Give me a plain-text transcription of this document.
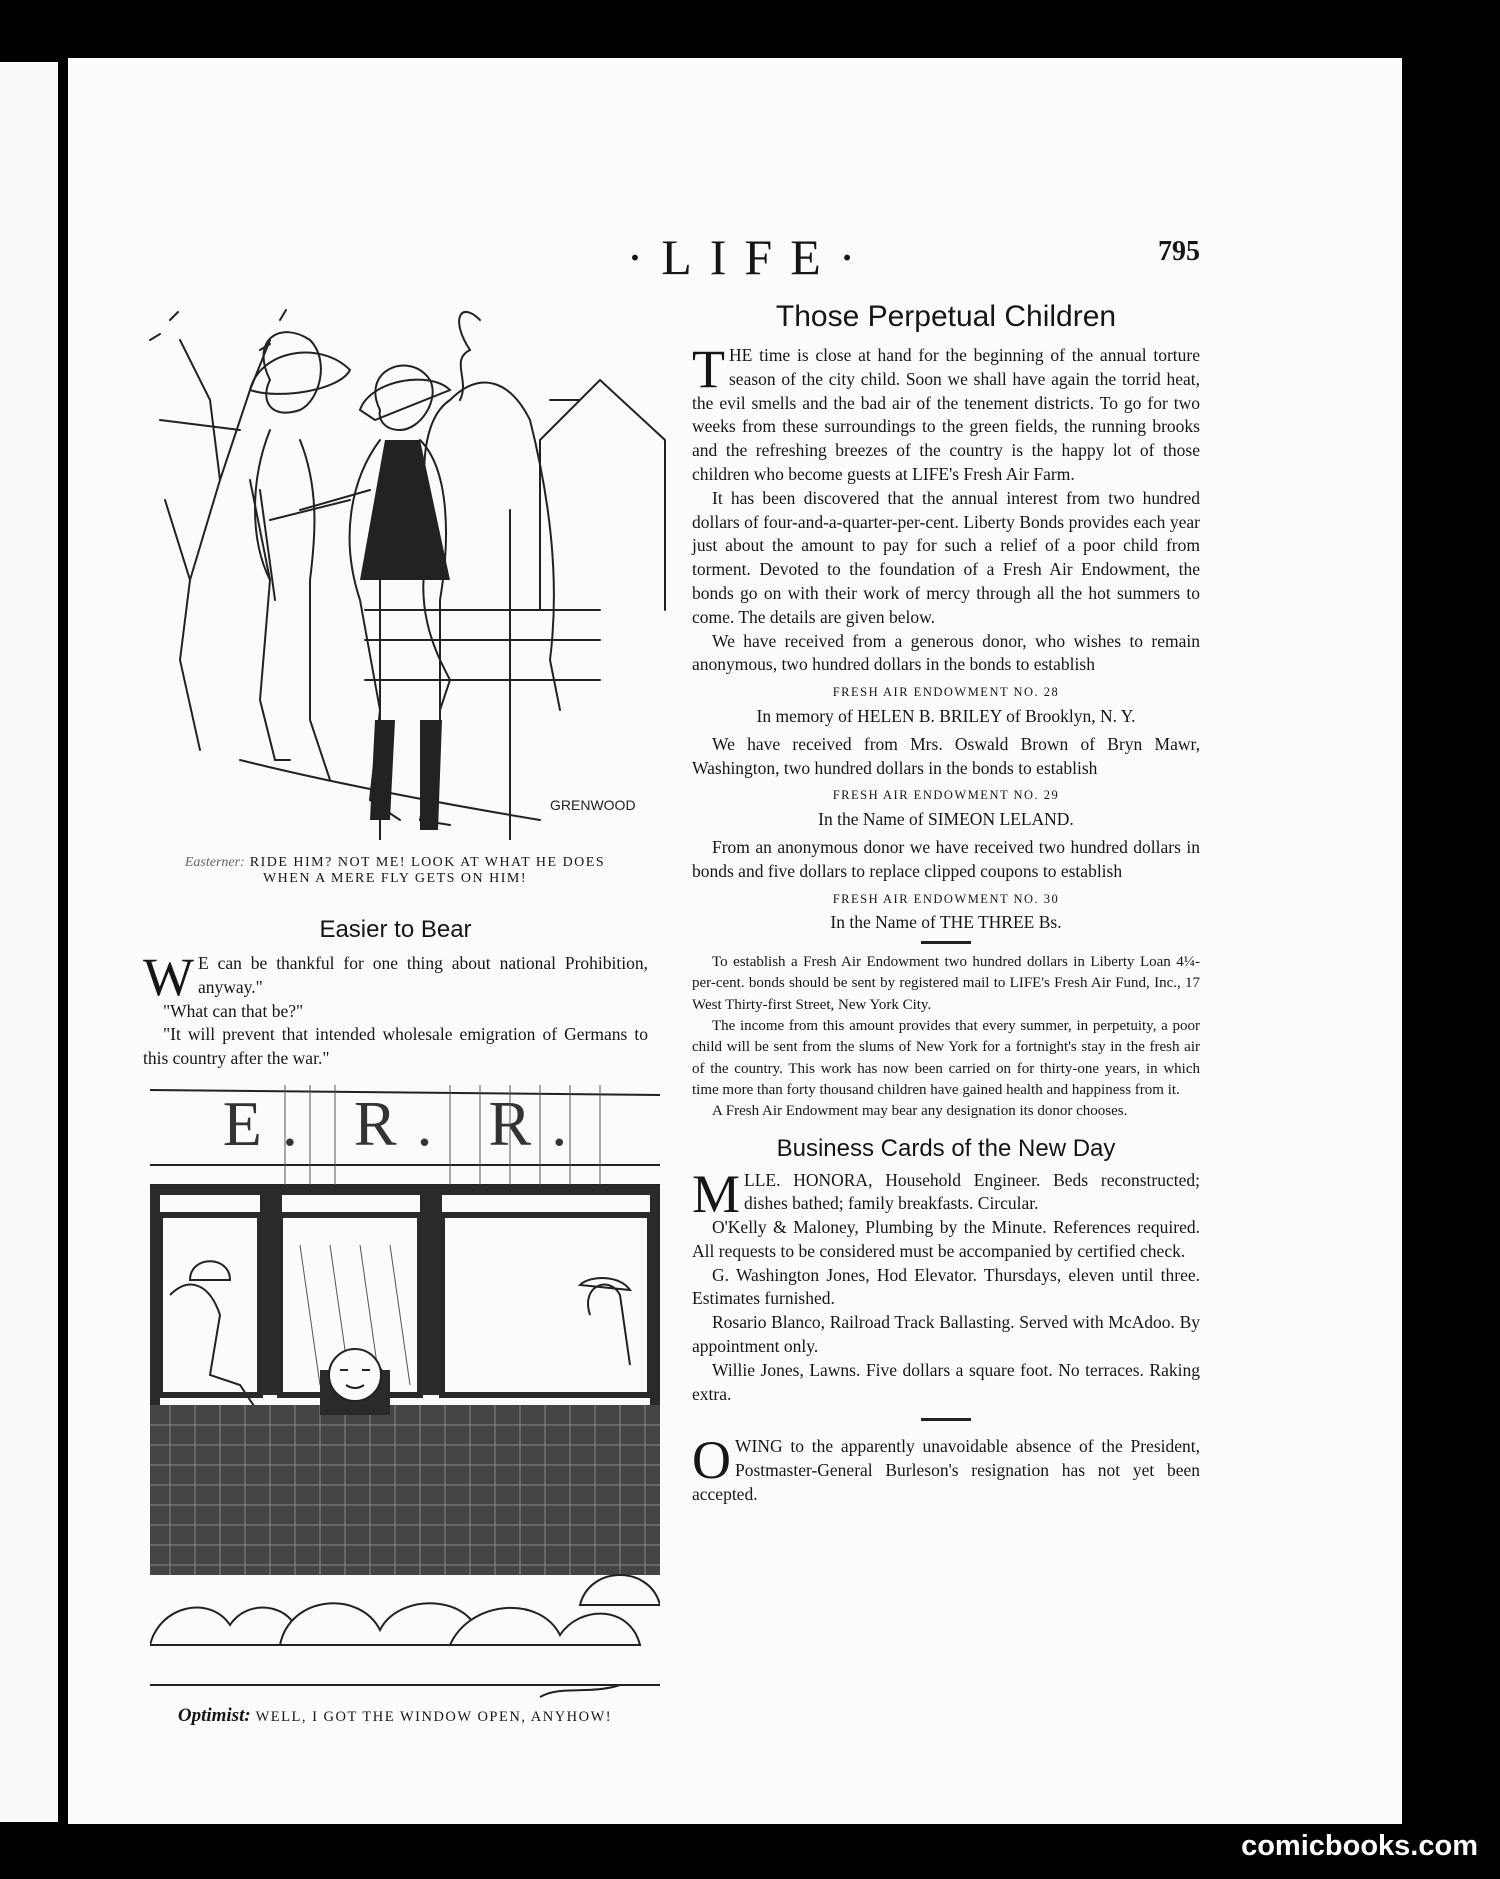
·LIFE·	795
GRENWOOD
Easterner: RIDE HIM? NOT ME! LOOK AT WHAT HE DOES
WHEN A MERE FLY GETS ON HIM!
Easier to Bear

W E can be thankful for one thing about national Prohibition, anyway."

"What can that be?"

"It will prevent that intended wholesale emigration of Germans to this country after the war."

E. R. R.
Optimist: WELL, I GOT THE WINDOW OPEN, ANYHOW!
Those Perpetual Children

THE time is close at hand for the beginning of the annual torture season of the city child. Soon we shall have again the torrid heat, the evil smells and the bad air of the tenement districts. To go for two weeks from these surroundings to the green fields, the running brooks and the refreshing breezes of the country is the happy lot of those children who become guests at LIFE's Fresh Air Farm.

It has been discovered that the annual interest from two hundred dollars of four-and-a-quarter-per-cent. Liberty Bonds provides each year just about the amount to pay for such a relief of a poor child from torment. Devoted to the foundation of a Fresh Air Endowment, the bonds go on with their work of mercy through all the hot summers to come. The details are given below.

We have received from a generous donor, who wishes to remain anonymous, two hundred dollars in the bonds to establish

FRESH AIR ENDOWMENT NO. 28
In memory of HELEN B. BRILEY of Brooklyn, N. Y.

We have received from Mrs. Oswald Brown of Bryn Mawr, Washington, two hundred dollars in the bonds to establish

FRESH AIR ENDOWMENT NO. 29
In the Name of SIMEON LELAND.

From an anonymous donor we have received two hundred dollars in bonds and five dollars to replace clipped coupons to establish

FRESH AIR ENDOWMENT NO. 30
In the Name of THE THREE Bs.

To establish a Fresh Air Endowment two hundred dollars in Liberty Loan 4¼-per-cent. bonds should be sent by registered mail to LIFE's Fresh Air Fund, Inc., 17 West Thirty-first Street, New York City.

The income from this amount provides that every summer, in perpetuity, a poor child will be sent from the slums of New York for a fortnight's stay in the fresh air of the country. This work has now been carried on for thirty-one years, in which time more than forty thousand children have gained health and happiness from it.

A Fresh Air Endowment may bear any designation its donor chooses.

Business Cards of the New Day

MLLE. HONORA, Household Engineer. Beds reconstructed; dishes bathed; family breakfasts. Circular.

O'Kelly & Maloney, Plumbing by the Minute. References required. All requests to be considered must be accompanied by certified check.

G. Washington Jones, Hod Elevator. Thursdays, eleven until three. Estimates furnished.

Rosario Blanco, Railroad Track Ballasting. Served with McAdoo. By appointment only.

Willie Jones, Lawns. Five dollars a square foot. No terraces. Raking extra.

OWING to the apparently unavoidable absence of the President, Postmaster-General Burleson's resignation has not yet been accepted.

comicbooks.com
